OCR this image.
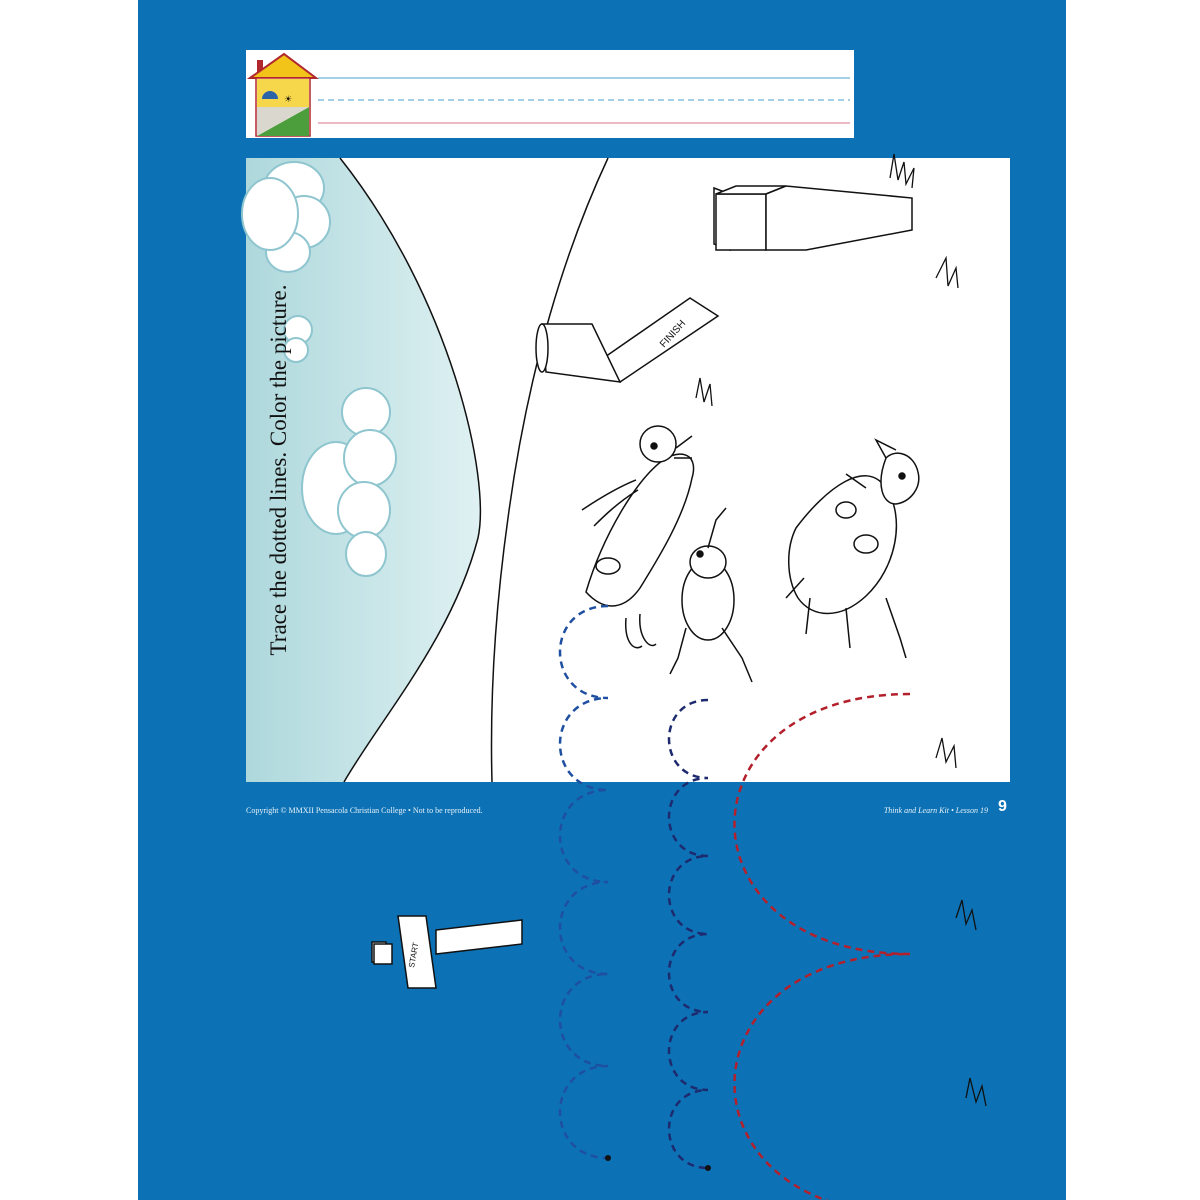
☀
FINISH
START
Trace the dotted lines. Color the picture.
Copyright © MMXII Pensacola Christian College • Not to be reproduced.	Think and Learn Kit • Lesson 19 9
